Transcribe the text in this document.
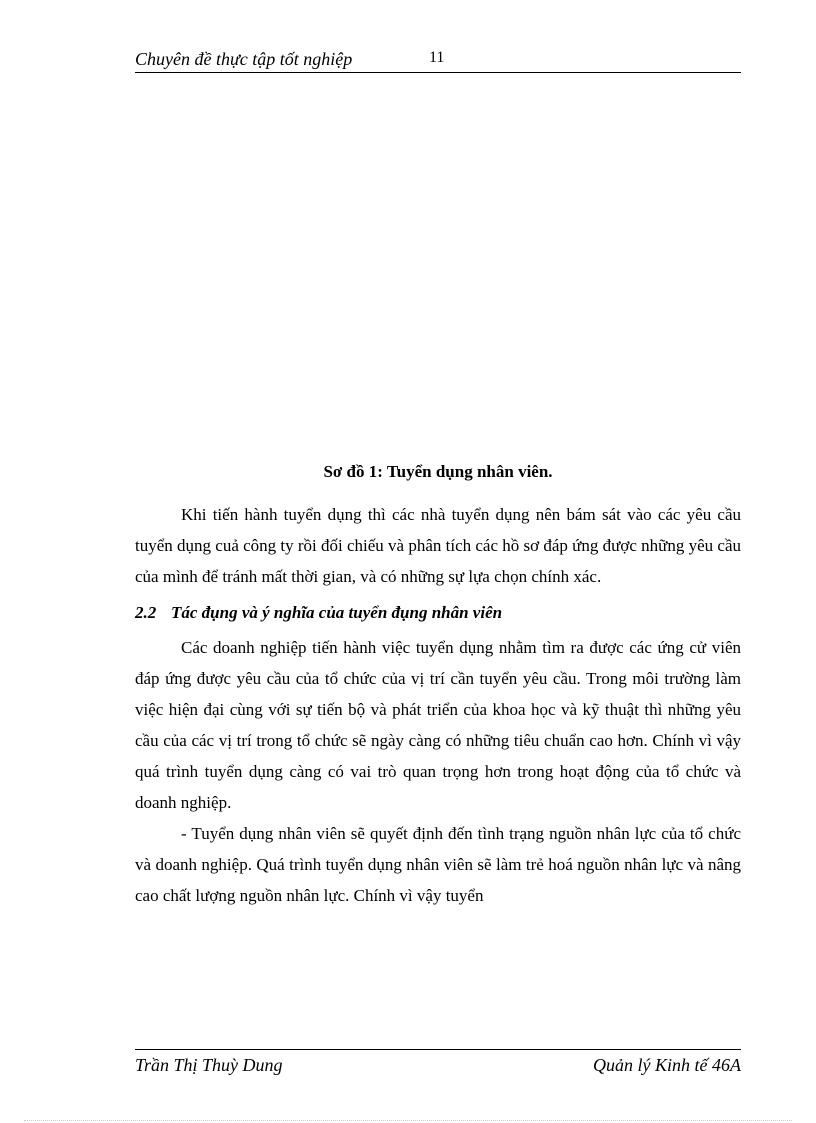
Chuyên đề thực tập tốt nghiệp	11
Sơ đồ 1: Tuyển dụng nhân viên.

Khi tiến hành tuyển dụng thì các nhà tuyển dụng nên bám sát vào các yêu cầu tuyển dụng cuả công ty rồi đối chiếu và phân tích các hồ sơ đáp ứng được những yêu cầu của mình để tránh mất thời gian, và có những sự lựa chọn chính xác.

2.2 Tác đụng và ý nghĩa của tuyển đụng nhân viên

Các doanh nghiệp tiến hành việc tuyển dụng nhằm tìm ra được các ứng cử viên đáp ứng được yêu cầu của tổ chức của vị trí cần tuyển yêu cầu. Trong môi trường làm việc hiện đại cùng với sự tiến bộ và phát triển của khoa học và kỹ thuật thì những yêu cầu của các vị trí trong tổ chức sẽ ngày càng có những tiêu chuẩn cao hơn. Chính vì vậy quá trình tuyển dụng càng có vai trò quan trọng hơn trong hoạt động của tổ chức và doanh nghiệp.

- Tuyển dụng nhân viên sẽ quyết định đến tình trạng nguồn nhân lực của tổ chức và doanh nghiệp. Quá trình tuyển dụng nhân viên sẽ làm trẻ hoá nguồn nhân lực và nâng cao chất lượng nguồn nhân lực. Chính vì vậy tuyển

Trần Thị Thuỳ Dung	Quản lý Kinh tế 46A
